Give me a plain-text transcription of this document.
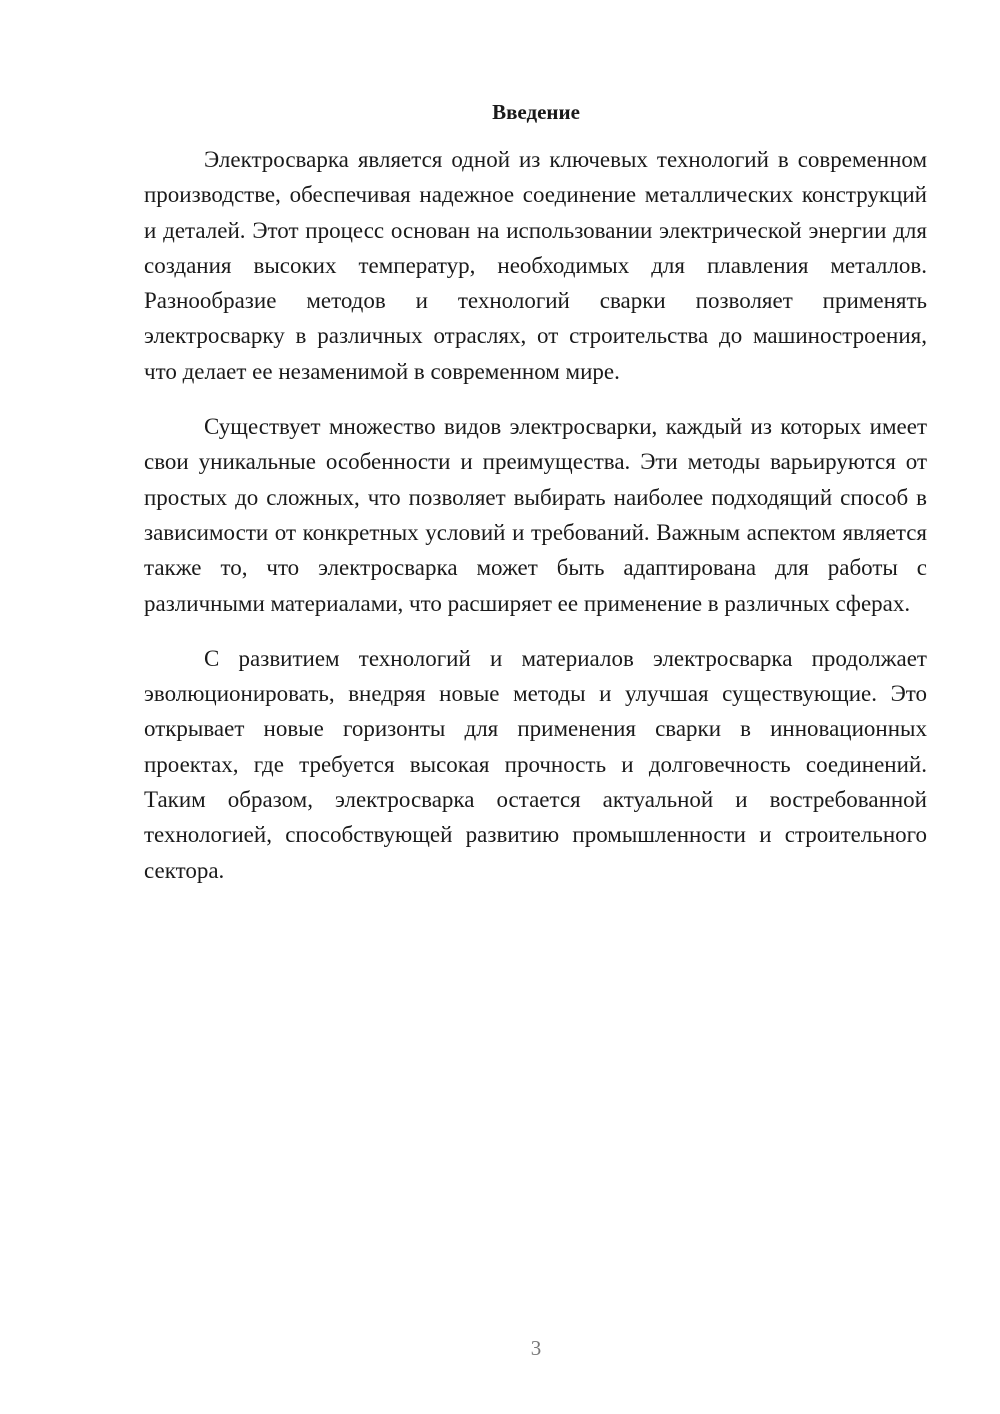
Введение

Электросварка является одной из ключевых технологий в современном производстве, обеспечивая надежное соединение металлических конструкций и деталей. Этот процесс основан на использовании электрической энергии для создания высоких температур, необходимых для плавления металлов. Разнообразие методов и технологий сварки позволяет применять электросварку в различных отраслях, от строительства до машиностроения, что делает ее незаменимой в современном мире.

Существует множество видов электросварки, каждый из которых имеет свои уникальные особенности и преимущества. Эти методы варьируются от простых до сложных, что позволяет выбирать наиболее подходящий способ в зависимости от конкретных условий и требований. Важным аспектом является также то, что электросварка может быть адаптирована для работы с различными материалами, что расширяет ее применение в различных сферах.

С развитием технологий и материалов электросварка продолжает эволюционировать, внедряя новые методы и улучшая существующие. Это открывает новые горизонты для применения сварки в инновационных проектах, где требуется высокая прочность и долговечность соединений. Таким образом, электросварка остается актуальной и востребованной технологией, способствующей развитию промышленности и строительного сектора.

3
